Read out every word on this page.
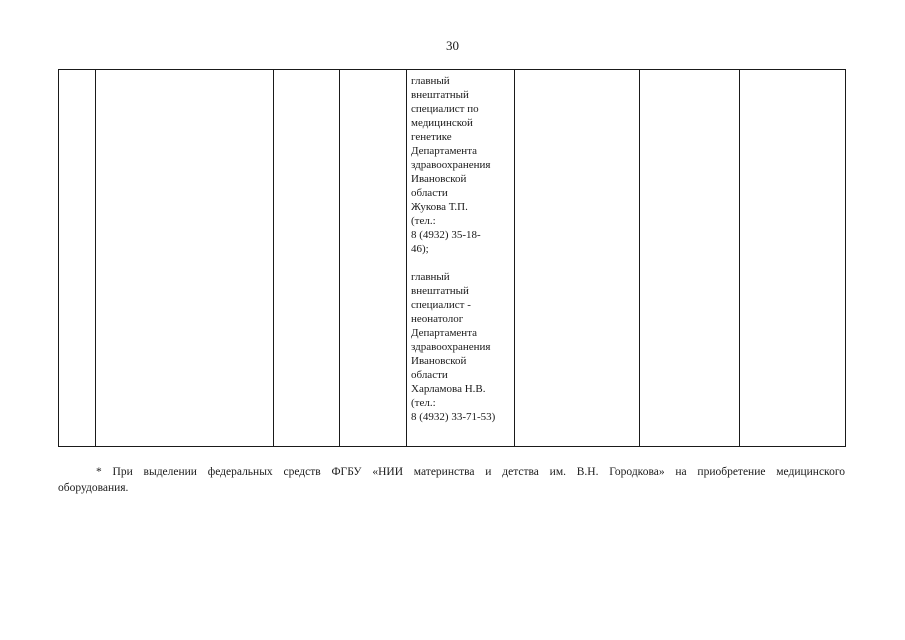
30

главный
внештатный
специалист по
медицинской
генетике
Департамента
здравоохранения
Ивановской
области
Жукова Т.П.
(тел.:
8 (4932) 35-18-
46);
главный
внештатный
специалист -
неонатолог
Департамента
здравоохранения
Ивановской
области
Харламова Н.В.
(тел.:
8 (4932) 33-71-53)

* При выделении федеральных средств ФГБУ «НИИ материнства и детства им. В.Н. Городкова» на приобретение медицинского
оборудования.
